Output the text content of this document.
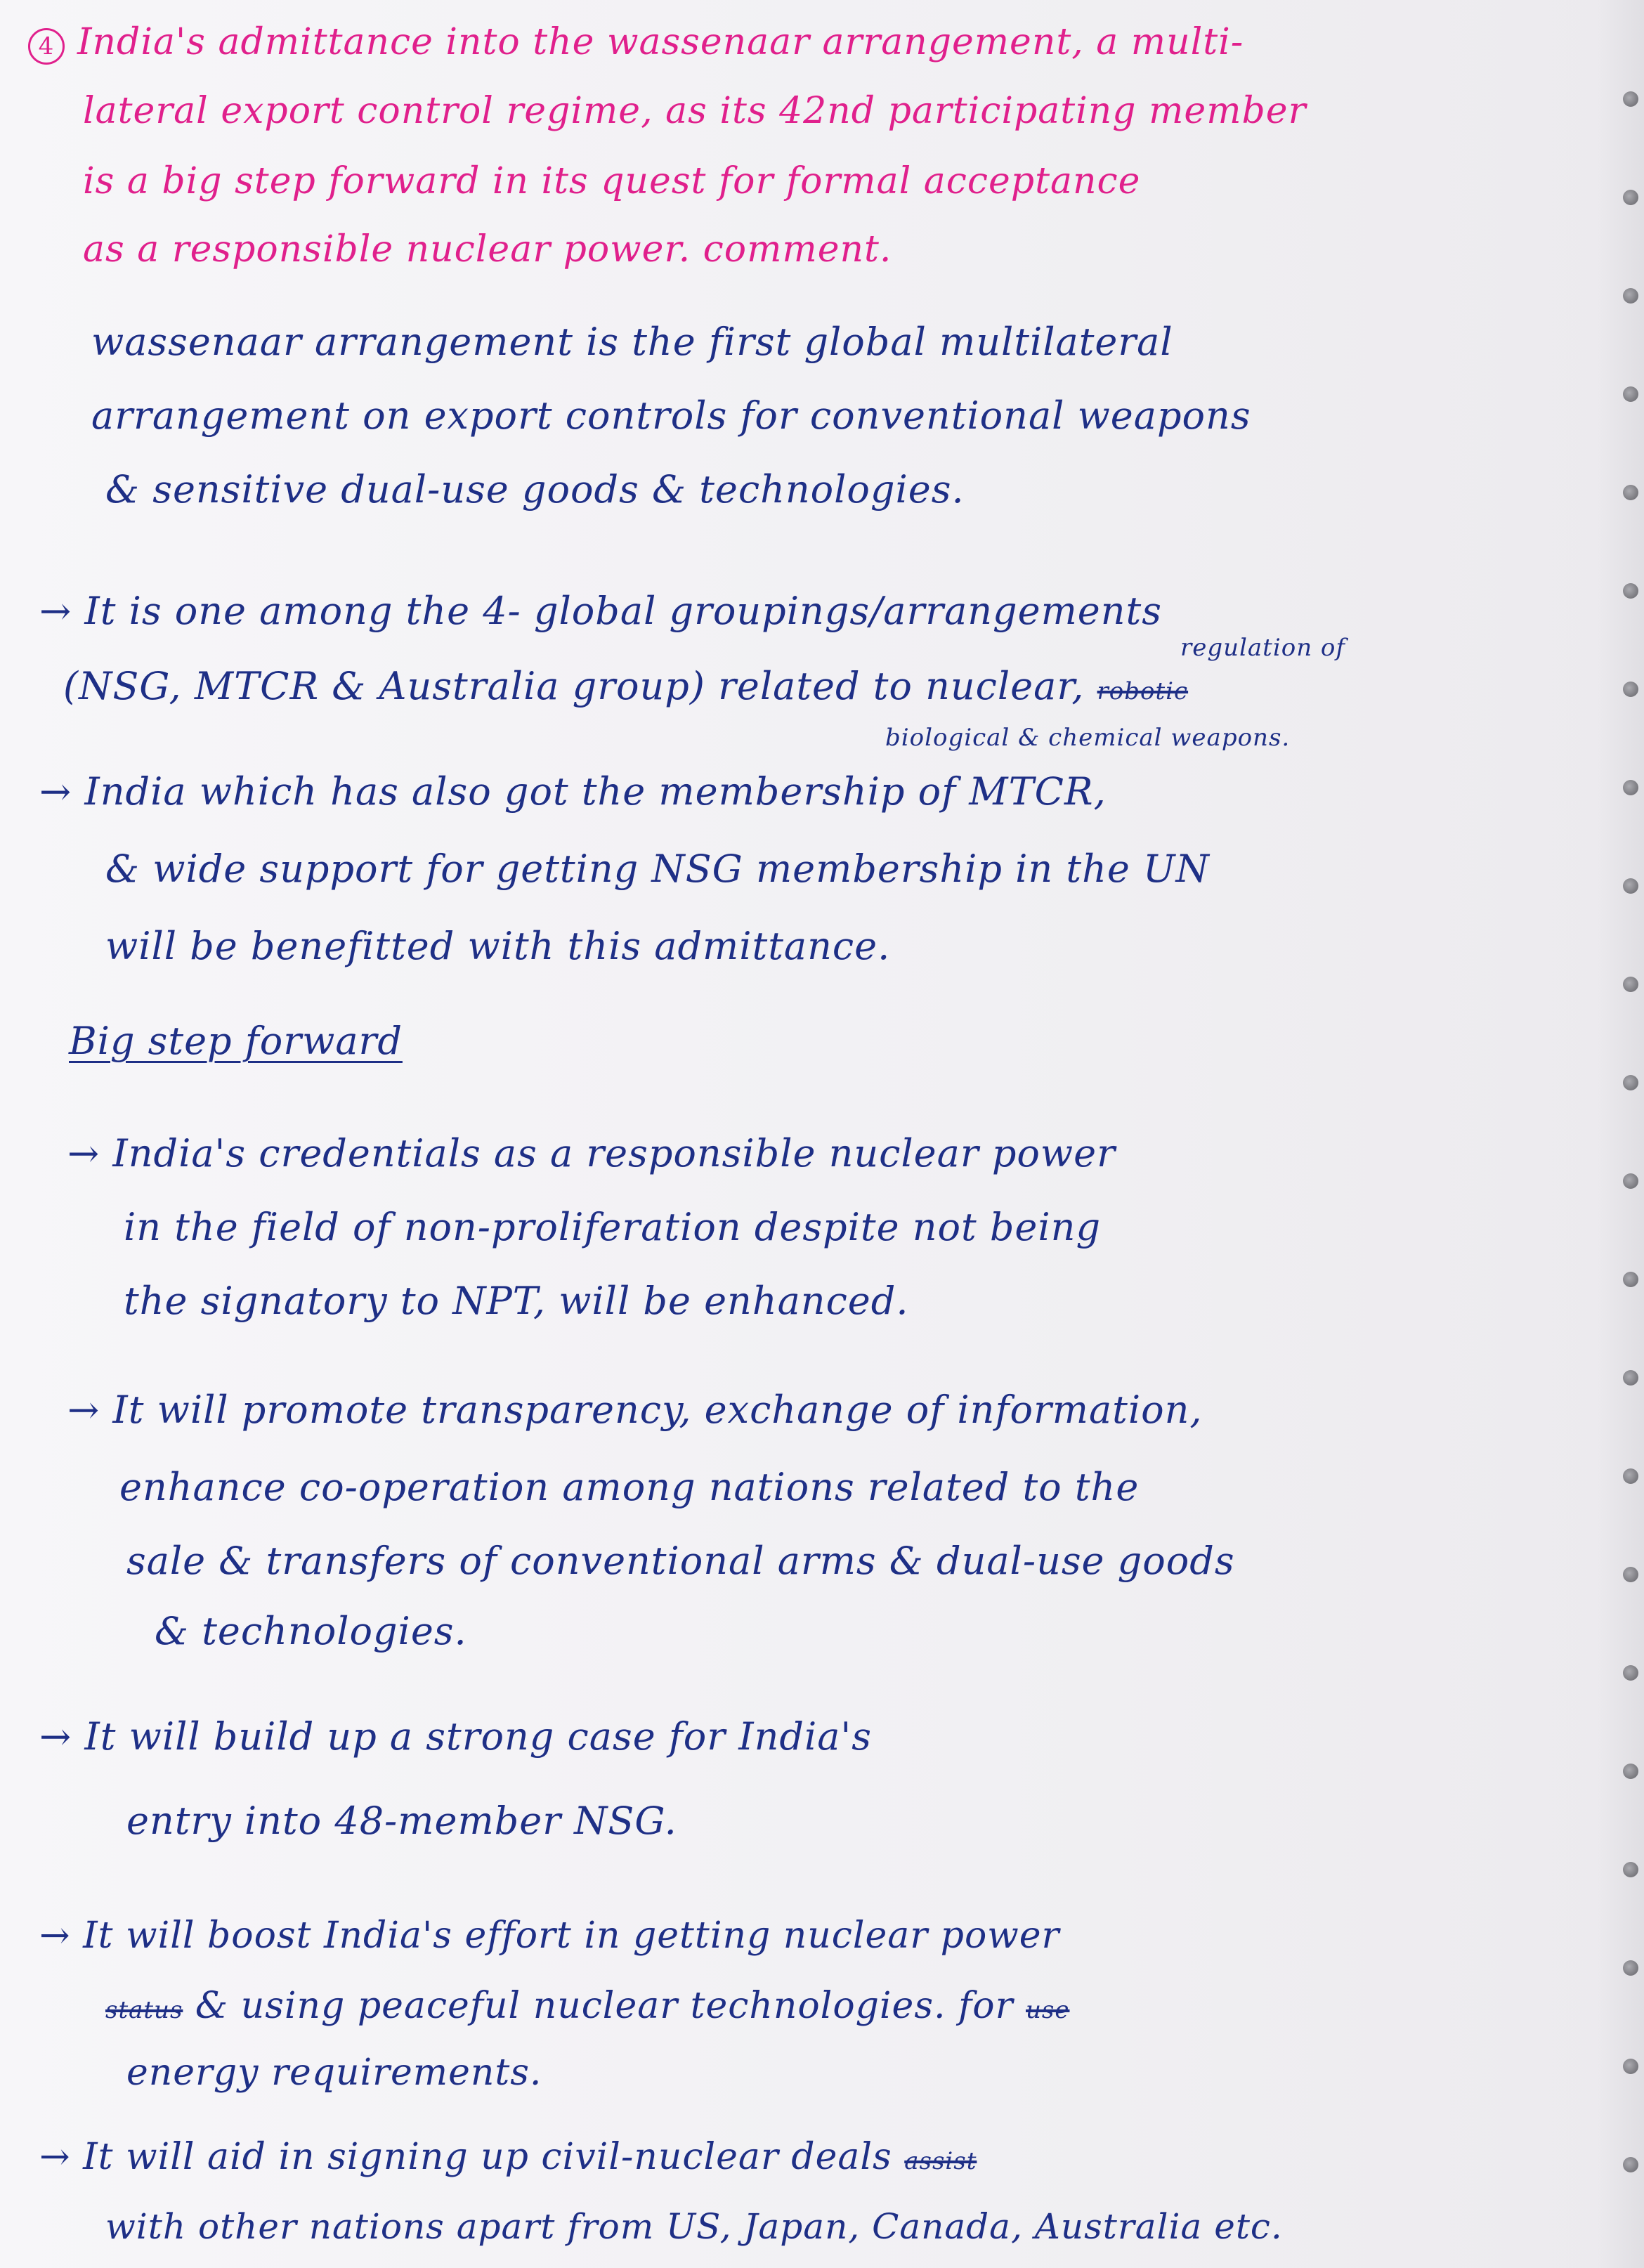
4 India's admittance into the wassenaar arrangement, a multi-
lateral export control regime, as its 42nd participating member
is a big step forward in its quest for formal acceptance
as a responsible nuclear power. comment.
wassenaar arrangement is the first global multilateral
arrangement on export controls for conventional weapons
& sensitive dual-use goods & technologies.
→ It is one among the 4- global groupings/arrangements
regulation of
(NSG, MTCR & Australia group) related to nuclear, robotic
biological & chemical weapons.
→ India which has also got the membership of MTCR,
& wide support for getting NSG membership in the UN
will be benefitted with this admittance.
Big step forward
→ India's credentials as a responsible nuclear power
in the field of non-proliferation despite not being
the signatory to NPT, will be enhanced.
→ It will promote transparency, exchange of information,
enhance co-operation among nations related to the
sale & transfers of conventional arms & dual-use goods
& technologies.
→ It will build up a strong case for India's
entry into 48-member NSG.
→ It will boost India's effort in getting nuclear power
status & using peaceful nuclear technologies. for use
energy requirements.
→ It will aid in signing up civil-nuclear deals assist
with other nations apart from US, Japan, Canada, Australia etc.
